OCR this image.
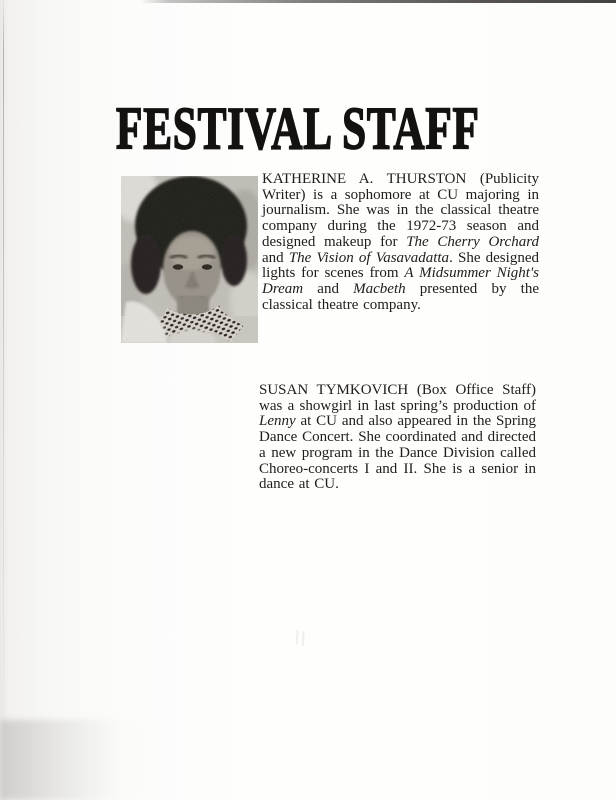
FESTIVAL STAFF

KATHERINE A. THURSTON (Publicity Writer) is a sophomore at CU majoring in journalism. She was in the classical theatre company during the 1972-73 season and designed makeup for The Cherry Orchard and The Vision of Vasavadatta. She designed lights for scenes from A Midsummer Night's Dream and Macbeth presented by the classical theatre company.

SUSAN TYMKOVICH (Box Office Staff) was a showgirl in last spring’s production of Lenny at CU and also appeared in the Spring Dance Concert. She coordinated and directed a new program in the Dance Division called Choreo-concerts I and II. She is a senior in dance at CU.
